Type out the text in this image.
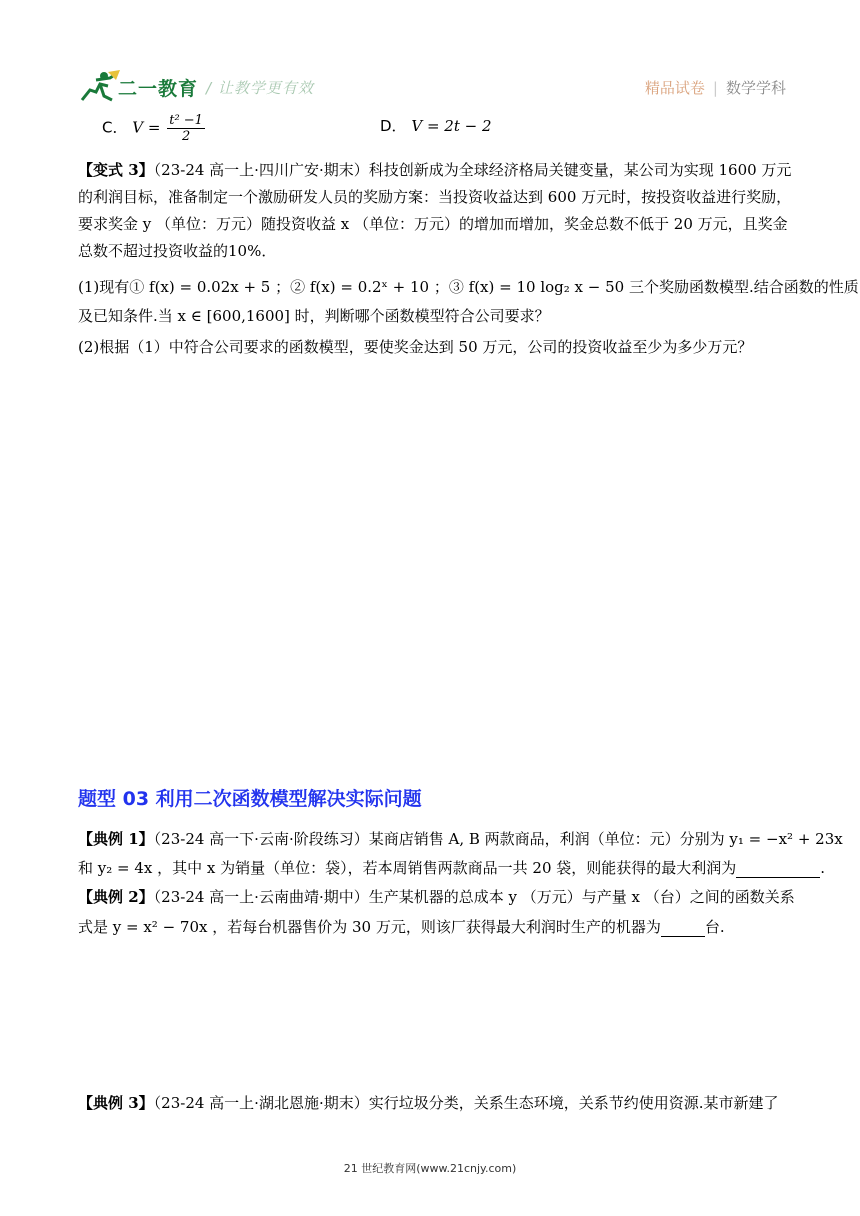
二一教育 / 让教学更有效	精品试卷 | 数学学科
C． $V = \frac{\text{t² −1}}{2}$	D． V = 2t − 2
【变式 3】（23-24 高一上·四川广安·期末）科技创新成为全球经济格局关键变量，某公司为实现 1600 万元
的利润目标，准备制定一个激励研发人员的奖励方案：当投资收益达到 600 万元时，按投资收益进行奖励，
要求奖金 y （单位：万元）随投资收益 x （单位：万元）的增加而增加，奖金总数不低于 20 万元，且奖金
总数不超过投资收益的10%．
(1)现有① f(x) = 0.02x + 5 ；② f(x) = 0.2ˣ + 10 ；③ f(x) = 10 log₂ x − 50 三个奖励函数模型.结合函数的性质
及已知条件.当 x ∈ [600,1600] 时，判断哪个函数模型符合公司要求？
(2)根据（1）中符合公司要求的函数模型，要使奖金达到 50 万元，公司的投资收益至少为多少万元？
题型 03 利用二次函数模型解决实际问题
【典例 1】（23-24 高一下·云南·阶段练习）某商店销售 A, B 两款商品，利润（单位：元）分别为 y₁ = −x² + 23x
和 y₂ = 4x ，其中 x 为销量（单位：袋），若本周销售两款商品一共 20 袋，则能获得的最大利润为	.
【典例 2】（23-24 高一上·云南曲靖·期中）生产某机器的总成本 y （万元）与产量 x （台）之间的函数关系
式是 y = x² − 70x ，若每台机器售价为 30 万元，则该厂获得最大利润时生产的机器为	台.
【典例 3】（23-24 高一上·湖北恩施·期末）实行垃圾分类，关系生态环境，关系节约使用资源.某市新建了
21 世纪教育网(www.21cnjy.com)
